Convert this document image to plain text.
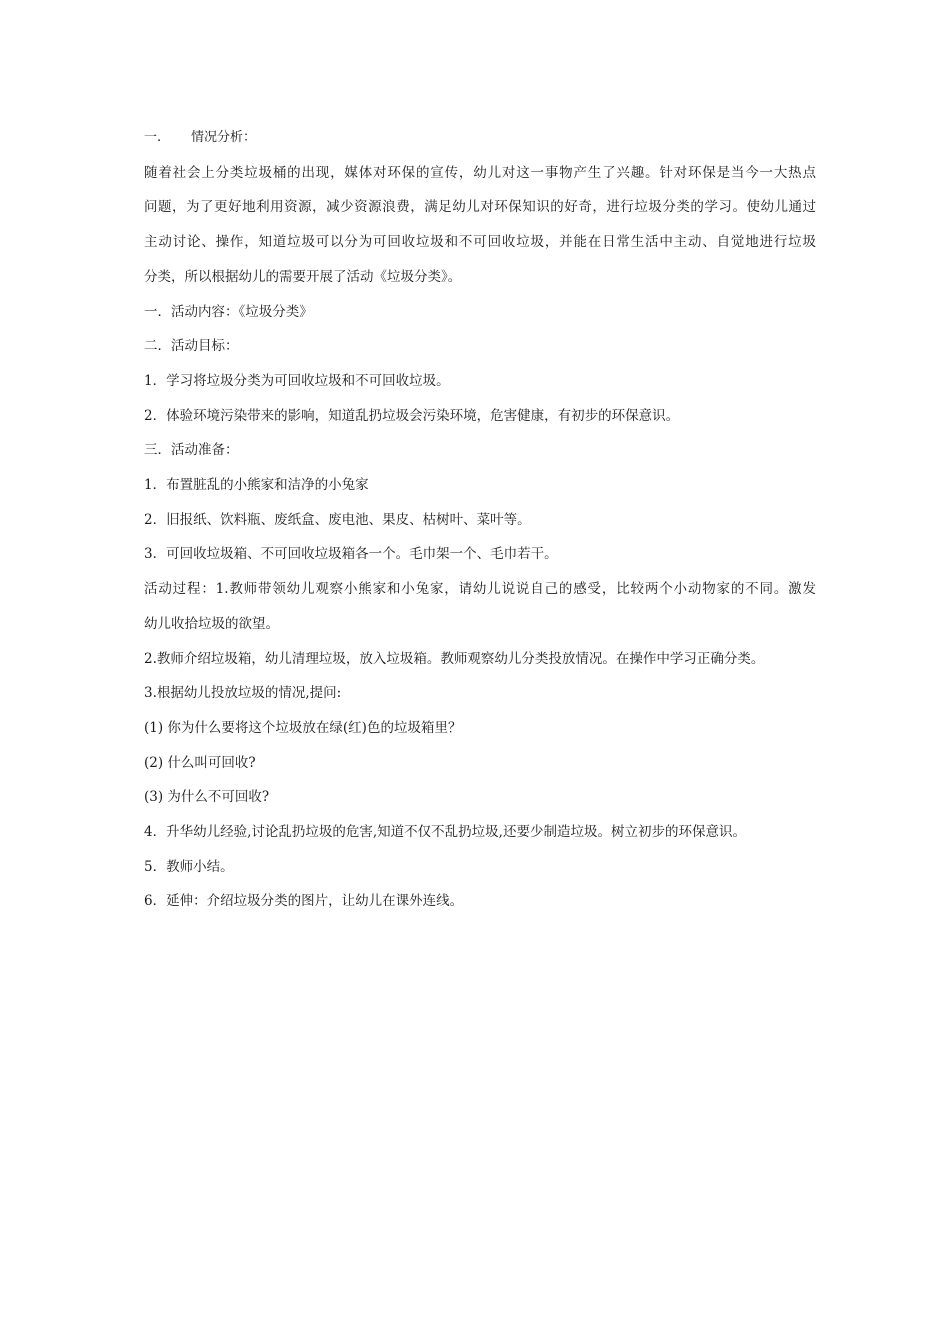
一. 情况分析：
随着社会上分类垃圾桶的出现，媒体对环保的宣传，幼儿对这一事物产生了兴趣。针对环保是当今一大热点
问题，为了更好地利用资源，减少资源浪费，满足幼儿对环保知识的好奇，进行垃圾分类的学习。使幼儿通过
主动讨论、操作，知道垃圾可以分为可回收垃圾和不可回收垃圾，并能在日常生活中主动、自觉地进行垃圾
分类，所以根据幼儿的需要开展了活动《垃圾分类》。
一．活动内容：《垃圾分类》
二．活动目标：
1．学习将垃圾分类为可回收垃圾和不可回收垃圾。
2．体验环境污染带来的影响，知道乱扔垃圾会污染环境，危害健康，有初步的环保意识。
三．活动准备：
1．布置脏乱的小熊家和洁净的小兔家
2．旧报纸、饮料瓶、废纸盒、废电池、果皮、枯树叶、菜叶等。
3．可回收垃圾箱、不可回收垃圾箱各一个。毛巾架一个、毛巾若干。
活动过程：1.教师带领幼儿观察小熊家和小兔家，请幼儿说说自己的感受，比较两个小动物家的不同。激发
幼儿收拾垃圾的欲望。
2.教师介绍垃圾箱，幼儿清理垃圾，放入垃圾箱。教师观察幼儿分类投放情况。在操作中学习正确分类。
3.根据幼儿投放垃圾的情况,提问:
(1) 你为什么要将这个垃圾放在绿(红)色的垃圾箱里？
(2) 什么叫可回收?
(3) 为什么不可回收?
4．升华幼儿经验,讨论乱扔垃圾的危害,知道不仅不乱扔垃圾,还要少制造垃圾。树立初步的环保意识。
5．教师小结。
6．延伸：介绍垃圾分类的图片，让幼儿在课外连线。
